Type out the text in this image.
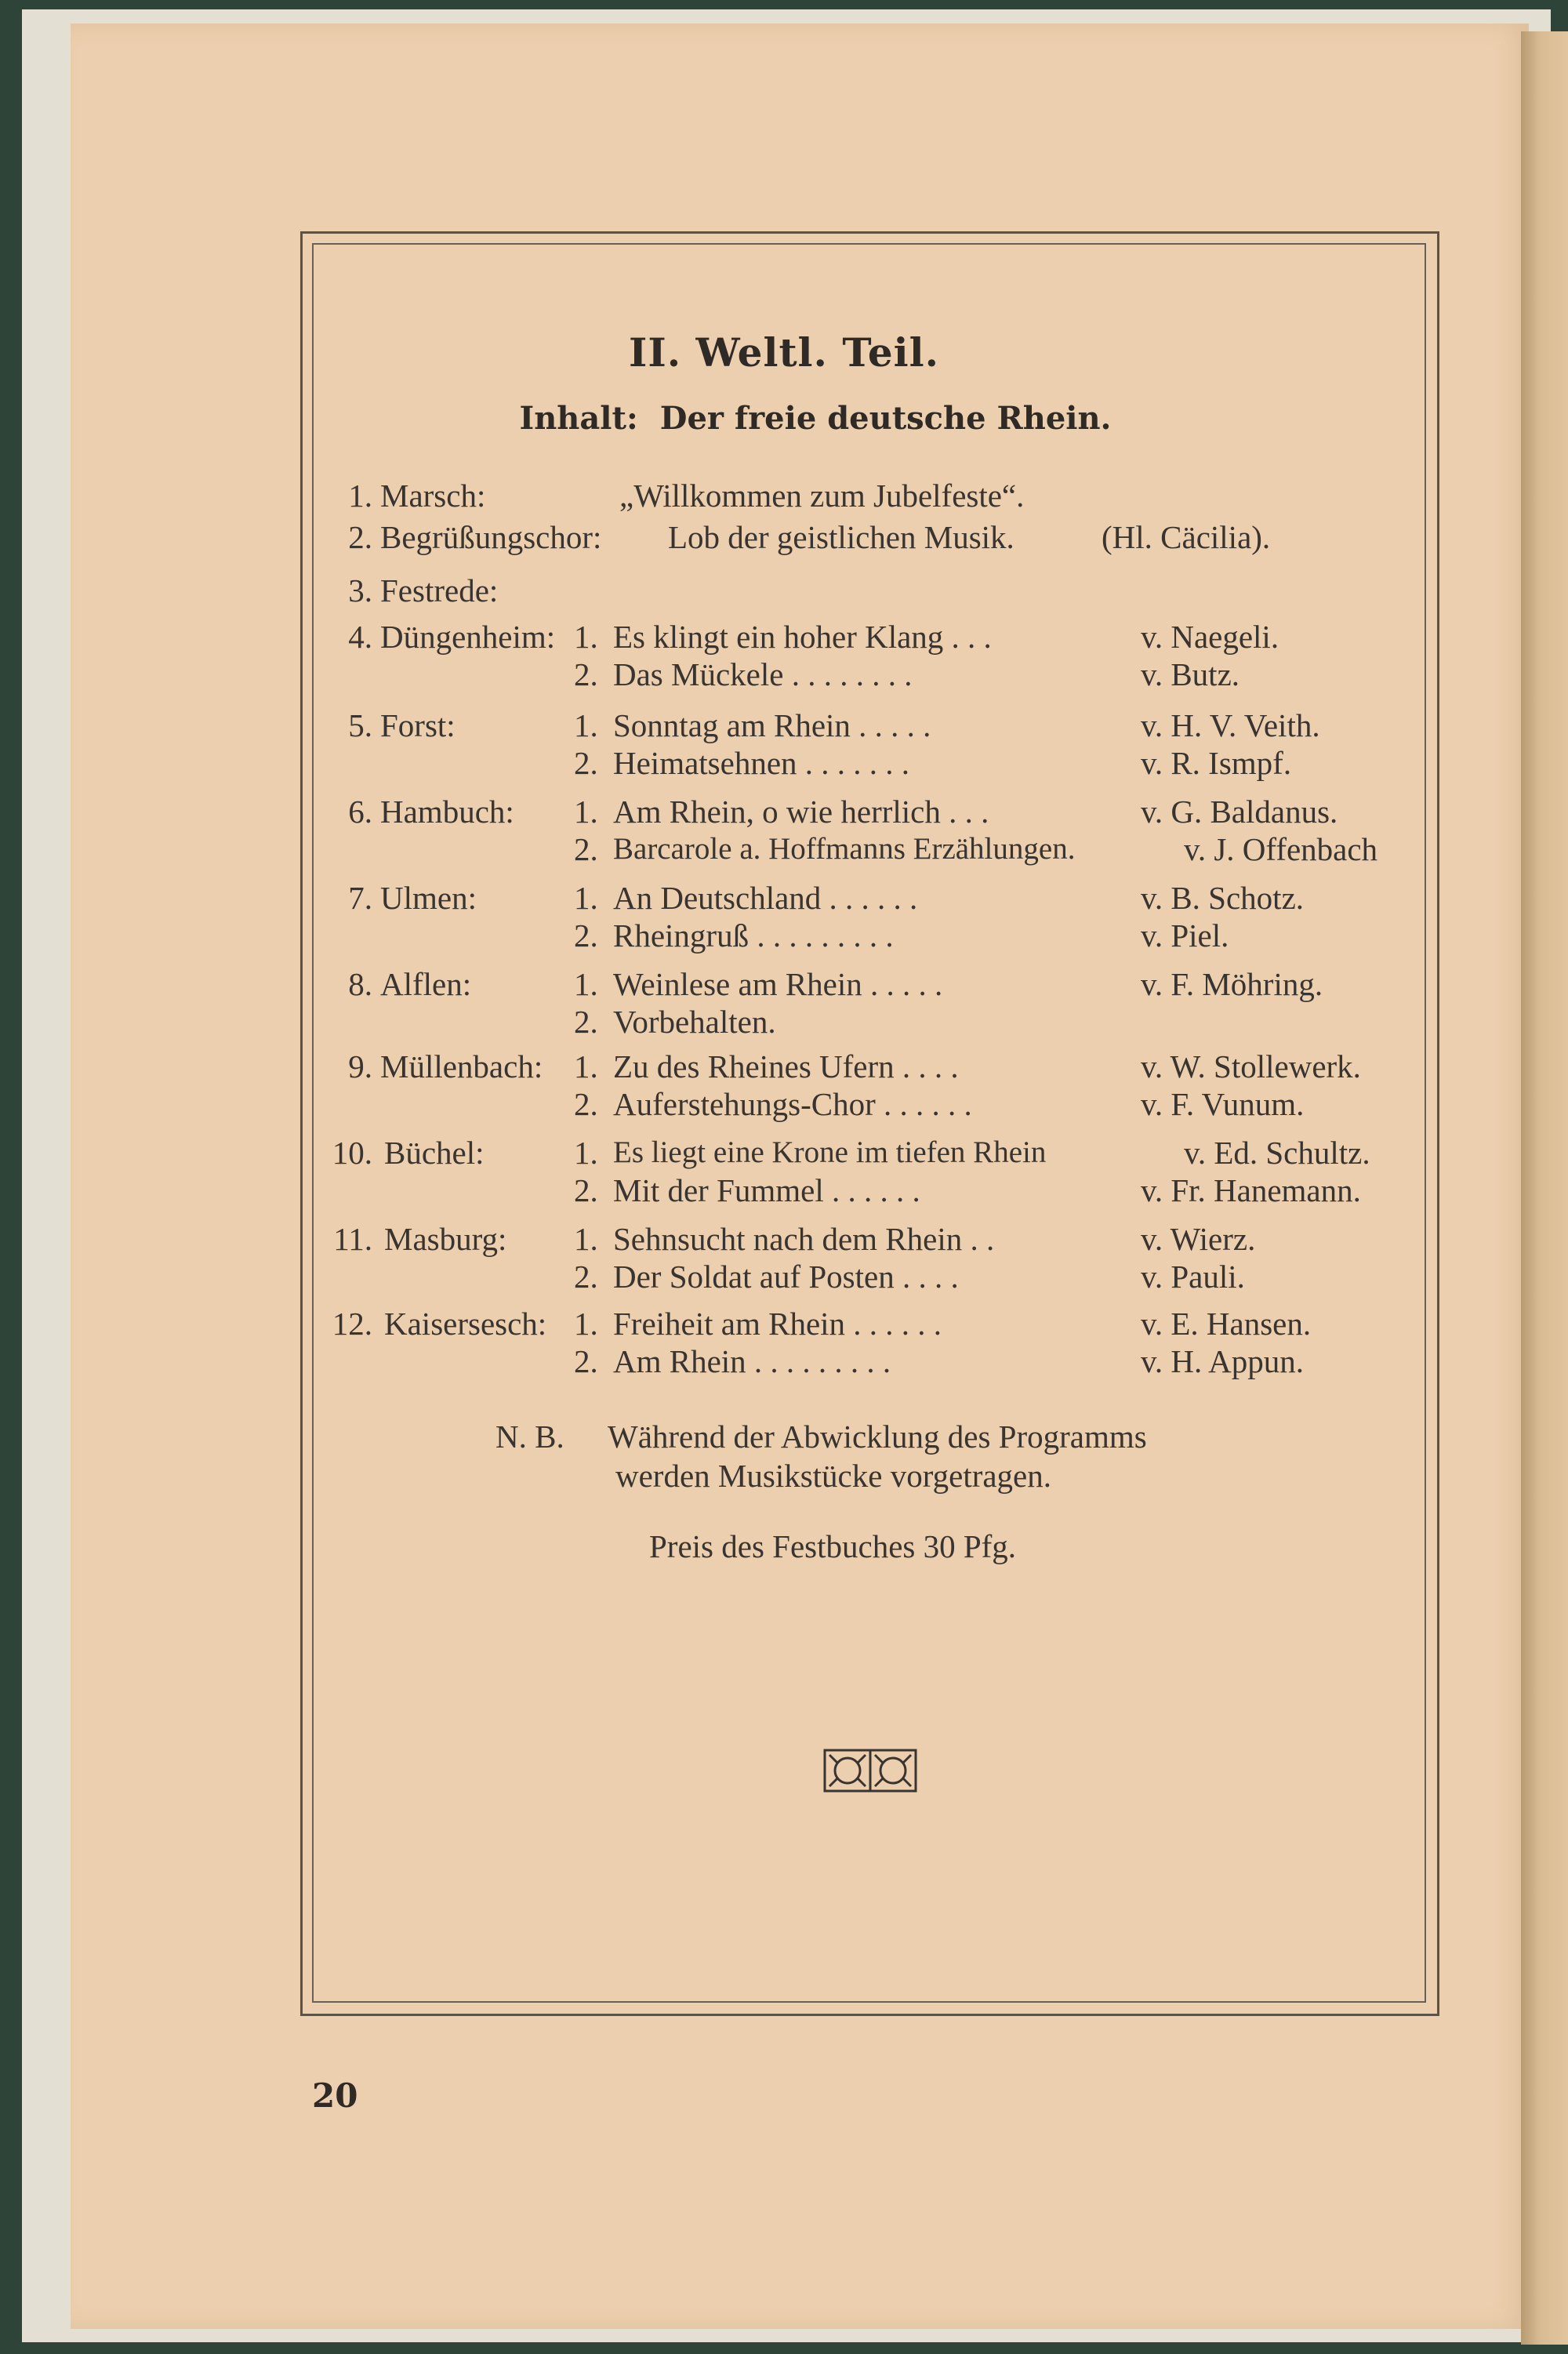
II. Weltl. Teil.
Inhalt: Der freie deutsche Rhein.
1. Marsch:	„Willkommen zum Jubelfeste“.
2. Begrüßungschor: Lob der geistlichen Musik.	(Hl. Cäcilia).
3. Festrede:
4. Düngenheim: 1. Es klingt ein hoher Klang . . .	v. Naegeli.
2. Das Mückele . . . . . . . .	v. Butz.
5. Forst:	1. Sonntag am Rhein . . . . .	v. H. V. Veith.
2. Heimatsehnen . . . . . . .	v. R. Ismpf.
6. Hambuch: 1. Am Rhein, o wie herrlich . . .	v. G. Baldanus.
2. Barcarole a. Hoffmanns Erzählungen.	v. J. Offenbach
7. Ulmen:	1. An Deutschland . . . . . .	v. B. Schotz.
2. Rheingruß . . . . . . . . .	v. Piel.
8. Alflen:	1. Weinlese am Rhein . . . . .	v. F. Möhring.
2. Vorbehalten.
9. Müllenbach: 1. Zu des Rheines Ufern . . . .	v. W. Stollewerk.
2. Auferstehungs-Chor . . . . . .	v. F. Vunum.
10. Büchel:	1. Es liegt eine Krone im tiefen Rhein	v. Ed. Schultz.
2. Mit der Fummel . . . . . .	v. Fr. Hanemann.
11. Masburg: 1. Sehnsucht nach dem Rhein . .	v. Wierz.
2. Der Soldat auf Posten . . . .	v. Pauli.
12. Kaisersesch: 1. Freiheit am Rhein . . . . . .	v. E. Hansen.
2. Am Rhein . . . . . . . . .	v. H. Appun.
N. B. Während der Abwicklung des Programms
werden Musikstücke vorgetragen.
Preis des Festbuches 30 Pfg.
20
